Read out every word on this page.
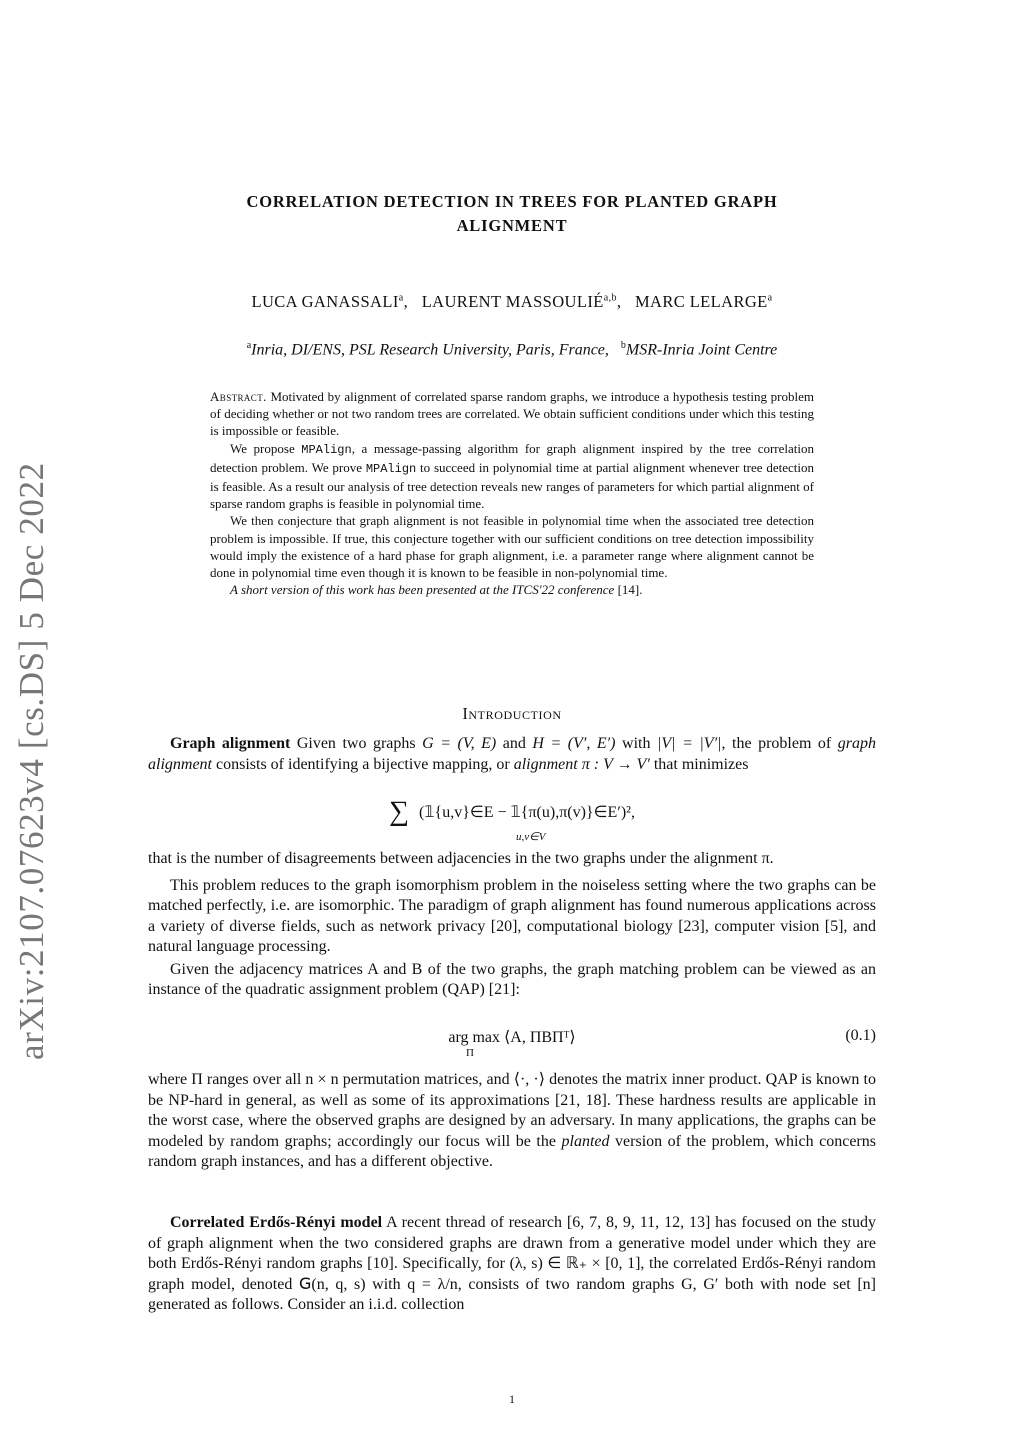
arXiv:2107.07623v4 [cs.DS] 5 Dec 2022
CORRELATION DETECTION IN TREES FOR PLANTED GRAPH
ALIGNMENT
LUCA GANASSALI$^a$,   LAURENT MASSOULIÉ$^{a,b}$,   MARC LELARGE$^a$
$^a$Inria, DI/ENS, PSL Research University, Paris, France, $^b$MSR-Inria Joint Centre

Abstract. Motivated by alignment of correlated sparse random graphs, we introduce a hypothesis testing problem of deciding whether or not two random trees are correlated. We obtain sufficient conditions under which this testing is impossible or feasible.

We propose MPAlign, a message-passing algorithm for graph alignment inspired by the tree correlation detection problem. We prove MPAlign to succeed in polynomial time at partial alignment whenever tree detection is feasible. As a result our analysis of tree detection reveals new ranges of parameters for which partial alignment of sparse random graphs is feasible in polynomial time.

We then conjecture that graph alignment is not feasible in polynomial time when the associated tree detection problem is impossible. If true, this conjecture together with our sufficient conditions on tree detection impossibility would imply the existence of a hard phase for graph alignment, i.e. a parameter range where alignment cannot be done in polynomial time even though it is known to be feasible in non-polynomial time.

A short version of this work has been presented at the ITCS'22 conference [14].

Introduction

Graph alignment Given two graphs G = (V, E) and H = (V′, E′) with |V| = |V′|, the problem of graph alignment consists of identifying a bijective mapping, or alignment π : V → V′ that minimizes

∑ (𝟙{u,v}∈E − 𝟙{π(u),π(v)}∈E′)²,
u,v∈V

that is the number of disagreements between adjacencies in the two graphs under the alignment π.

This problem reduces to the graph isomorphism problem in the noiseless setting where the two graphs can be matched perfectly, i.e. are isomorphic. The paradigm of graph alignment has found numerous applications across a variety of diverse fields, such as network privacy [20], computational biology [23], computer vision [5], and natural language processing.

Given the adjacency matrices A and B of the two graphs, the graph matching problem can be viewed as an instance of the quadratic assignment problem (QAP) [21]:

arg max ⟨A, ΠBΠᵀ⟩
Π
(0.1)

where Π ranges over all n × n permutation matrices, and ⟨·, ·⟩ denotes the matrix inner product. QAP is known to be NP-hard in general, as well as some of its approximations [21, 18]. These hardness results are applicable in the worst case, where the observed graphs are designed by an adversary. In many applications, the graphs can be modeled by random graphs; accordingly our focus will be the planted version of the problem, which concerns random graph instances, and has a different objective.

Correlated Erdős-Rényi model A recent thread of research [6, 7, 8, 9, 11, 12, 13] has focused on the study of graph alignment when the two considered graphs are drawn from a generative model under which they are both Erdős-Rényi random graphs [10]. Specifically, for (λ, s) ∈ ℝ₊ × [0, 1], the correlated Erdős-Rényi random graph model, denoted 𝖦(n, q, s) with q = λ/n, consists of two random graphs G, G′ both with node set [n] generated as follows. Consider an i.i.d. collection

1
